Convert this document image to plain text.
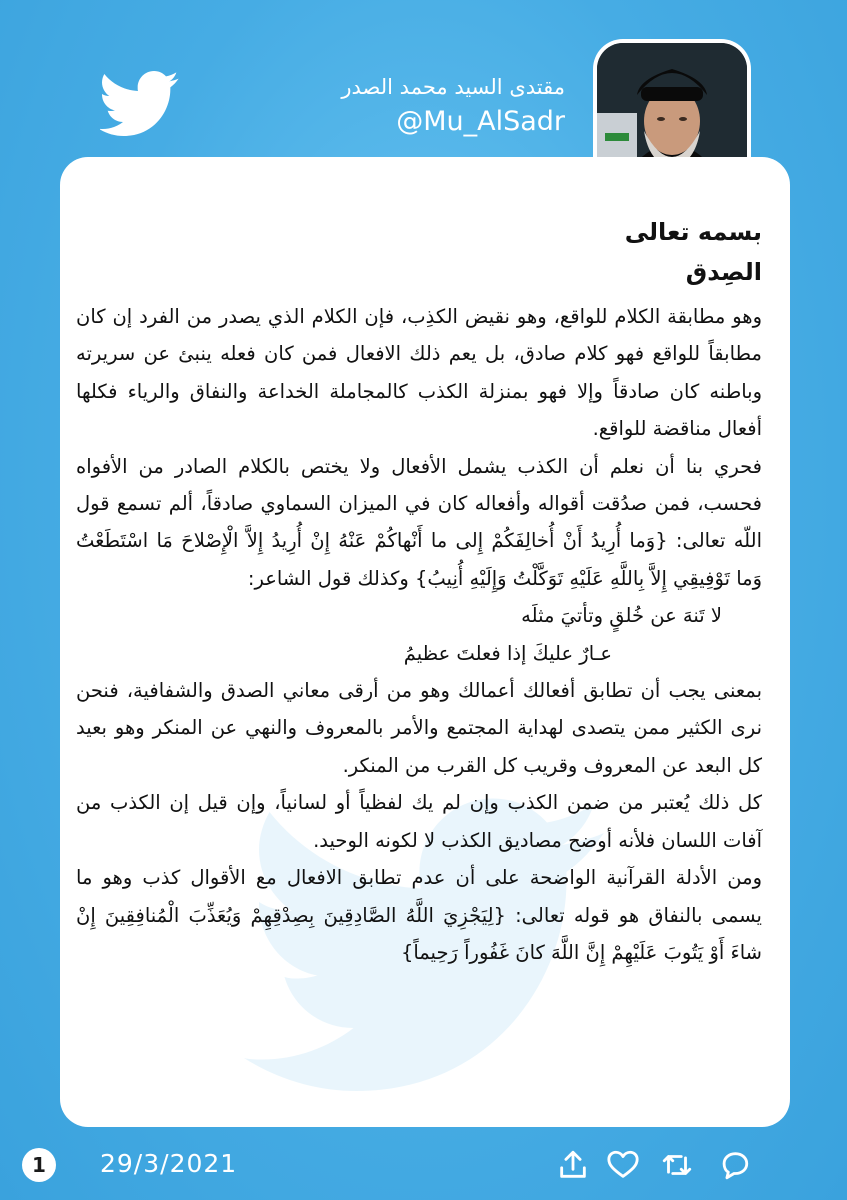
مقتدى السيد محمد الصدر
@Mu_AlSadr

بسمه تعالى

الصِدق

وهو مطابقة الكلام للواقع، وهو نقيض الكذِب، فإن الكلام الذي يصدر من الفرد إن كان مطابقاً للواقع فهو كلام صادق، بل يعم ذلك الافعال فمن كان فعله ينبئ عن سريرته وباطنه كان صادقاً وإلا فهو بمنزلة الكذب كالمجاملة الخداعة والنفاق والرياء فكلها أفعال مناقضة للواقع.

فحري بنا أن نعلم أن الكذب يشمل الأفعال ولا يختص بالكلام الصادر من الأفواه فحسب، فمن صدُقت أقواله وأفعاله كان في الميزان السماوي صادقاً، ألم تسمع قول اللّه تعالى: {وَما أُرِيدُ أَنْ أُخالِفَكُمْ إِلى ما أَنْهاكُمْ عَنْهُ إِنْ أُرِيدُ إِلاَّ الْإِصْلاحَ مَا اسْتَطَعْتُ وَما تَوْفِيقِي إِلاَّ بِاللَّهِ عَلَيْهِ تَوَكَّلْتُ وَإِلَيْهِ أُنِيبُ} وكذلك قول الشاعر:

لا تَنهَ عن خُلقٍ وتأتيَ مثلَه

عـارٌ عليكَ إذا فعلتَ عظيمُ

بمعنى يجب أن تطابق أفعالك أعمالك وهو من أرقى معاني الصدق والشفافية، فنحن نرى الكثير ممن يتصدى لهداية المجتمع والأمر بالمعروف والنهي عن المنكر وهو بعيد كل البعد عن المعروف وقريب كل القرب من المنكر.

كل ذلك يُعتبر من ضمن الكذب وإن لم يك لفظياً أو لسانياً، وإن قيل إن الكذب من آفات اللسان فلأنه أوضح مصاديق الكذب لا لكونه الوحيد.

ومن الأدلة القرآنية الواضحة على أن عدم تطابق الافعال مع الأقوال كذب وهو ما يسمى بالنفاق هو قوله تعالى: {لِيَجْزِيَ اللَّهُ الصَّادِقِينَ بِصِدْقِهِمْ وَيُعَذِّبَ الْمُنافِقِينَ إِنْ شاءَ أَوْ يَتُوبَ عَلَيْهِمْ إِنَّ اللَّهَ كانَ غَفُوراً رَحِيماً}

1	29/3/2021
